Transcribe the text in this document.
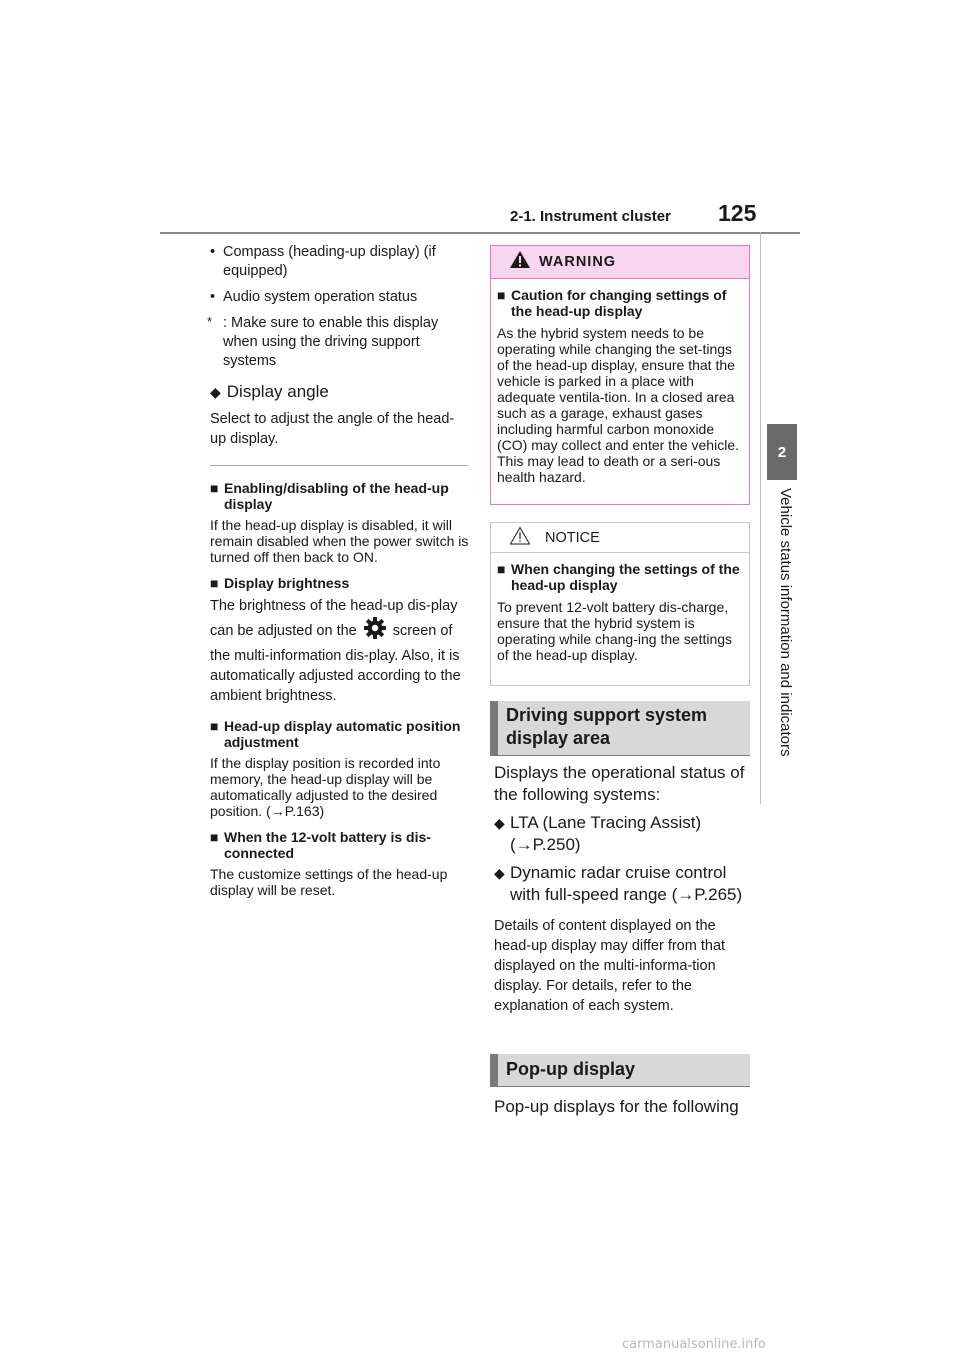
2-1. Instrument cluster 125
2
Vehicle status information and indicators
• Compass (heading-up display) (if equipped)
• Audio system operation status
* : Make sure to enable this display when using the driving support systems
◆ Display angle
Select to adjust the angle of the head-up display.
■ Enabling/disabling of the head-up display
If the head-up display is disabled, it will remain disabled when the power switch is turned off then back to ON.
■ Display brightness
The brightness of the head-up dis-play can be adjusted on the screen of the multi-information dis-play. Also, it is automatically adjusted according to the ambient brightness.
■ Head-up display automatic position adjustment
If the display position is recorded into memory, the head-up display will be automatically adjusted to the desired position. (→P.163)
■ When the 12-volt battery is dis-connected
The customize settings of the head-up display will be reset.
WARNING
■ Caution for changing settings of the head-up display
As the hybrid system needs to be operating while changing the set-tings of the head-up display, ensure that the vehicle is parked in a place with adequate ventila-tion. In a closed area such as a garage, exhaust gases including harmful carbon monoxide (CO) may collect and enter the vehicle. This may lead to death or a seri-ous health hazard.
NOTICE
■ When changing the settings of the head-up display
To prevent 12-volt battery dis-charge, ensure that the hybrid system is operating while chang-ing the settings of the head-up display.
Driving support system display area
Displays the operational status of the following systems:
◆ LTA (Lane Tracing Assist) (→P.250)
◆ Dynamic radar cruise control with full-speed range (→P.265)
Details of content displayed on the head-up display may differ from that displayed on the multi-informa-tion display. For details, refer to the explanation of each system.
Pop-up display
Pop-up displays for the following
carmanualsonline.info
